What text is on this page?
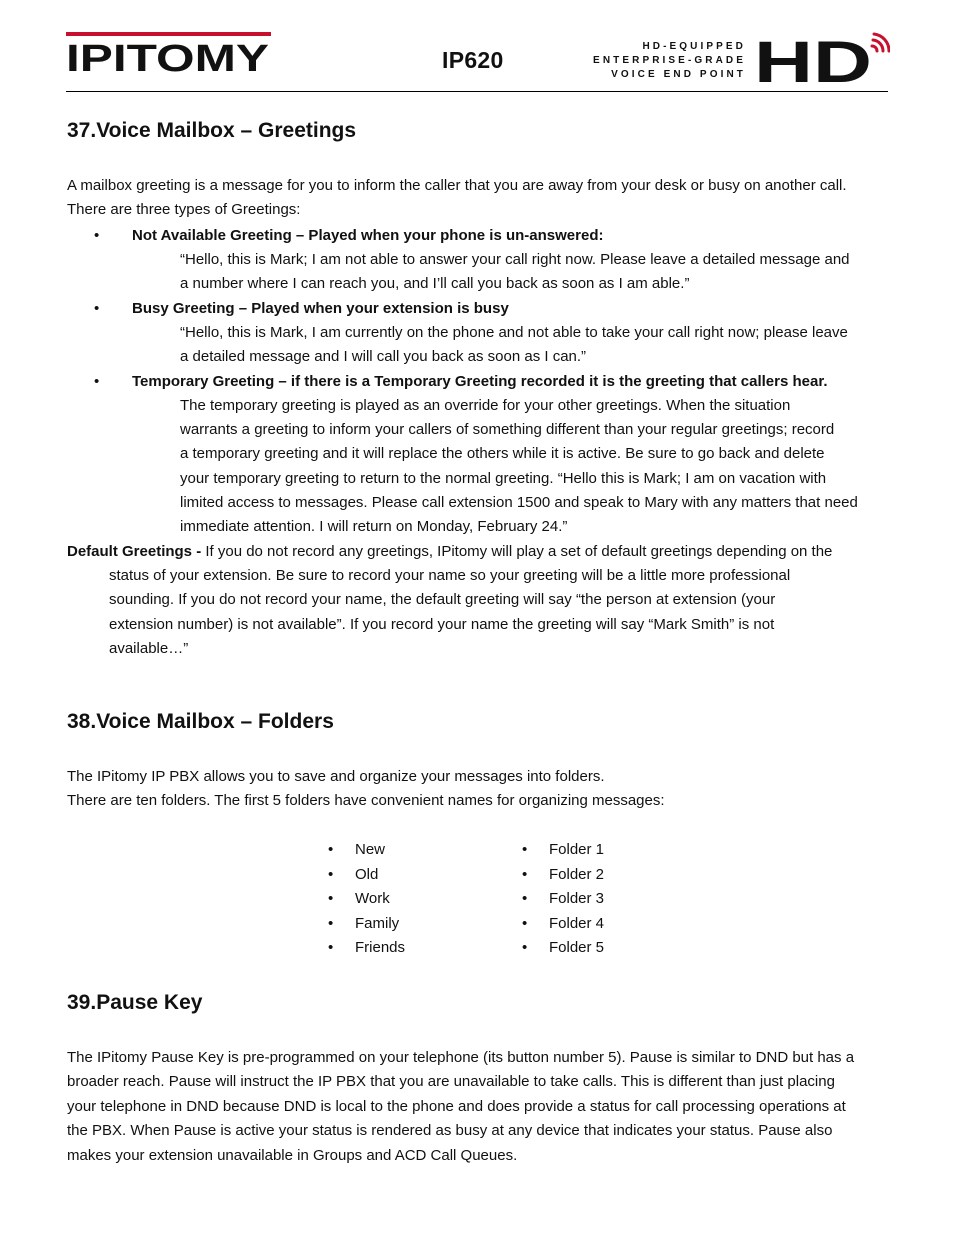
IPITOMY	IP620
HD-EQUIPPED
ENTERPRISE-GRADE
VOICE END POINT HD
37.Voice Mailbox – Greetings
A mailbox greeting is a message for you to inform the caller that you are away from your desk or busy on another call.
There are three types of Greetings:
• Not Available Greeting – Played when your phone is un-answered:
“Hello, this is Mark; I am not able to answer your call right now. Please leave a detailed message and
a number where I can reach you, and I’ll call you back as soon as I am able.”
• Busy Greeting – Played when your extension is busy
“Hello, this is Mark, I am currently on the phone and not able to take your call right now; please leave
a detailed message and I will call you back as soon as I can.”
• Temporary Greeting – if there is a Temporary Greeting recorded it is the greeting that callers hear.
The temporary greeting is played as an override for your other greetings. When the situation
warrants a greeting to inform your callers of something different than your regular greetings; record
a temporary greeting and it will replace the others while it is active. Be sure to go back and delete
your temporary greeting to return to the normal greeting. “Hello this is Mark; I am on vacation with
limited access to messages. Please call extension 1500 and speak to Mary with any matters that need
immediate attention. I will return on Monday, February 24.”
Default Greetings - If you do not record any greetings, IPitomy will play a set of default greetings depending on the
status of your extension. Be sure to record your name so your greeting will be a little more professional
sounding. If you do not record your name, the default greeting will say “the person at extension (your
extension number) is not available”. If you record your name the greeting will say “Mark Smith” is not
available…”
38.Voice Mailbox – Folders
The IPitomy IP PBX allows you to save and organize your messages into folders.
There are ten folders. The first 5 folders have convenient names for organizing messages:
• New
• Old
• Work
• Family
• Friends
• Folder 1
• Folder 2
• Folder 3
• Folder 4
• Folder 5
39.Pause Key
The IPitomy Pause Key is pre-programmed on your telephone (its button number 5). Pause is similar to DND but has a
broader reach. Pause will instruct the IP PBX that you are unavailable to take calls. This is different than just placing
your telephone in DND because DND is local to the phone and does provide a status for call processing operations at
the PBX. When Pause is active your status is rendered as busy at any device that indicates your status. Pause also
makes your extension unavailable in Groups and ACD Call Queues.
